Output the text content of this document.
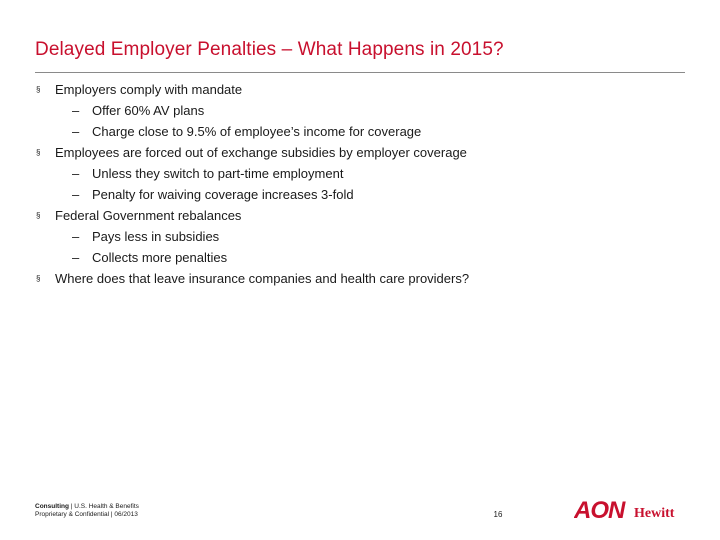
Delayed Employer Penalties – What Happens in 2015?
§ Employers comply with mandate
– Offer 60% AV plans
– Charge close to 9.5% of employee’s income for coverage
§ Employees are forced out of exchange subsidies by employer coverage
– Unless they switch to part-time employment
– Penalty for waiving coverage increases 3-fold
§ Federal Government rebalances
– Pays less in subsidies
– Collects more penalties
§ Where does that leave insurance companies and health care providers?
Consulting | U.S. Health & Benefits
Proprietary & Confidential | 06/2013	16	AON Hewitt
